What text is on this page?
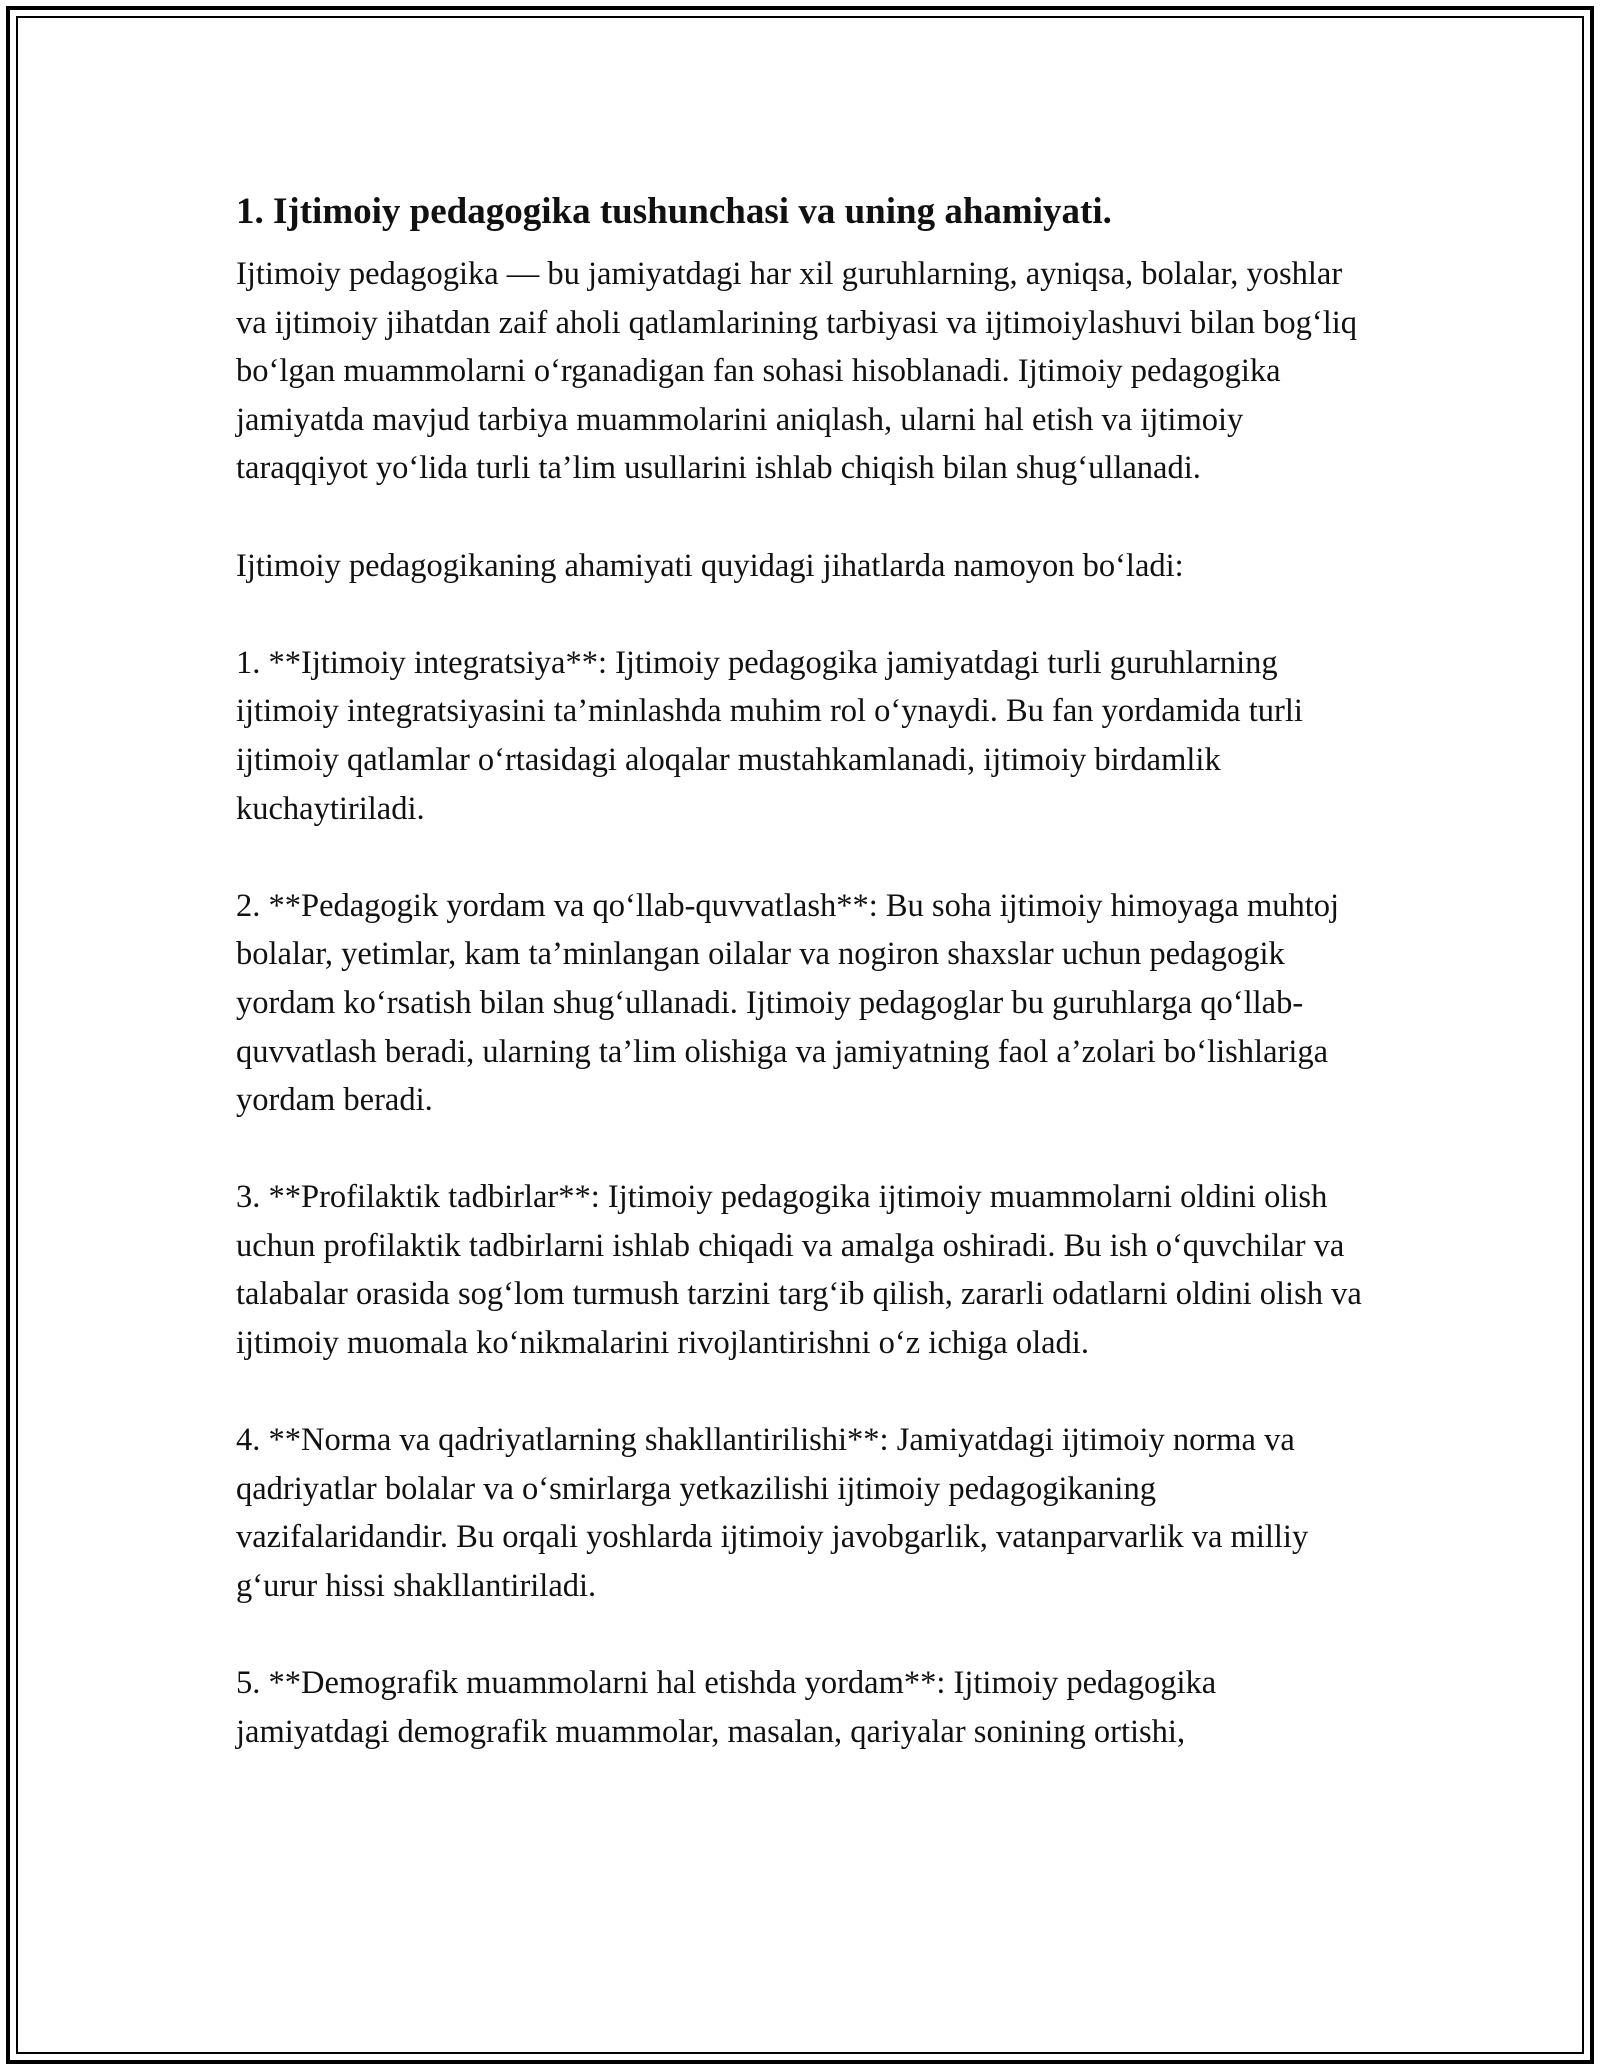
1. Ijtimoiy pedagogika tushunchasi va uning ahamiyati.

Ijtimoiy pedagogika — bu jamiyatdagi har xil guruhlarning, ayniqsa, bolalar, yoshlar va ijtimoiy jihatdan zaif aholi qatlamlarining tarbiyasi va ijtimoiylashuvi bilan bog‘liq bo‘lgan muammolarni o‘rganadigan fan sohasi hisoblanadi. Ijtimoiy pedagogika jamiyatda mavjud tarbiya muammolarini aniqlash, ularni hal etish va ijtimoiy taraqqiyot yo‘lida turli ta’lim usullarini ishlab chiqish bilan shug‘ullanadi.

Ijtimoiy pedagogikaning ahamiyati quyidagi jihatlarda namoyon bo‘ladi:

1. **Ijtimoiy integratsiya**: Ijtimoiy pedagogika jamiyatdagi turli guruhlarning ijtimoiy integratsiyasini ta’minlashda muhim rol o‘ynaydi. Bu fan yordamida turli ijtimoiy qatlamlar o‘rtasidagi aloqalar mustahkamlanadi, ijtimoiy birdamlik kuchaytiriladi.

2. **Pedagogik yordam va qo‘llab-quvvatlash**: Bu soha ijtimoiy himoyaga muhtoj bolalar, yetimlar, kam ta’minlangan oilalar va nogiron shaxslar uchun pedagogik yordam ko‘rsatish bilan shug‘ullanadi. Ijtimoiy pedagoglar bu guruhlarga qo‘llab-quvvatlash beradi, ularning ta’lim olishiga va jamiyatning faol a’zolari bo‘lishlariga yordam beradi.

3. **Profilaktik tadbirlar**: Ijtimoiy pedagogika ijtimoiy muammolarni oldini olish uchun profilaktik tadbirlarni ishlab chiqadi va amalga oshiradi. Bu ish o‘quvchilar va talabalar orasida sog‘lom turmush tarzini targ‘ib qilish, zararli odatlarni oldini olish va ijtimoiy muomala ko‘nikmalarini rivojlantirishni o‘z ichiga oladi.

4. **Norma va qadriyatlarning shakllantirilishi**: Jamiyatdagi ijtimoiy norma va qadriyatlar bolalar va o‘smirlarga yetkazilishi ijtimoiy pedagogikaning vazifalaridandir. Bu orqali yoshlarda ijtimoiy javobgarlik, vatanparvarlik va milliy g‘urur hissi shakllantiriladi.

5. **Demografik muammolarni hal etishda yordam**: Ijtimoiy pedagogika jamiyatdagi demografik muammolar, masalan, qariyalar sonining ortishi,
